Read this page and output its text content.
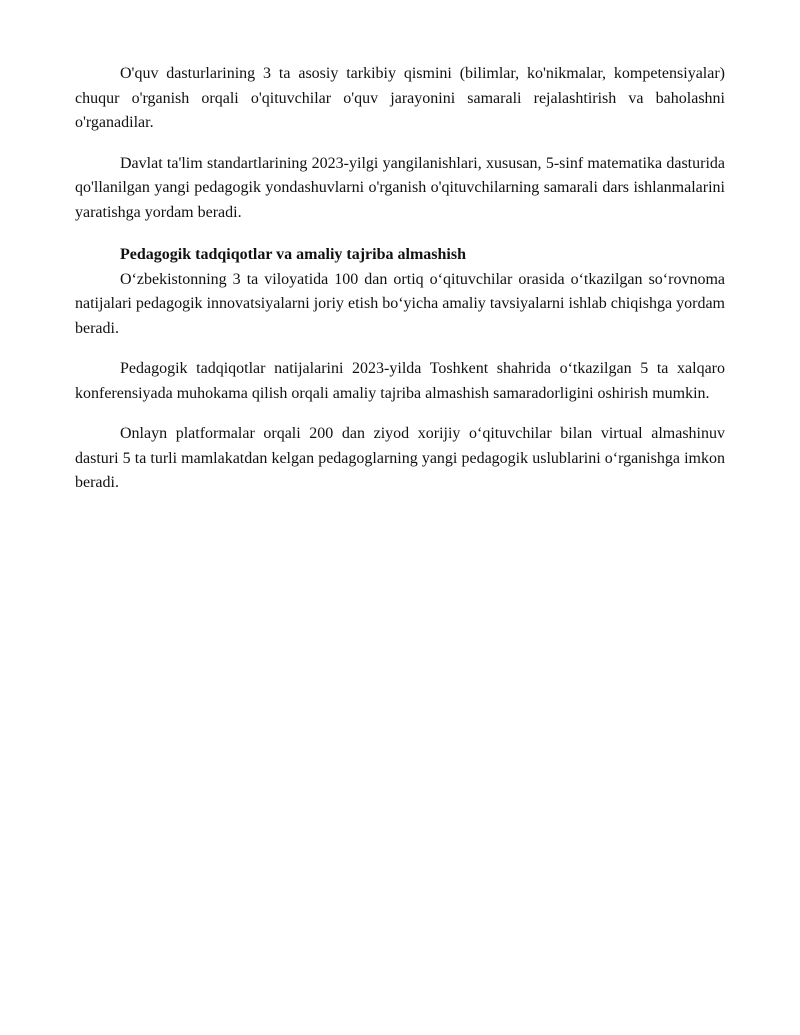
O'quv dasturlarining 3 ta asosiy tarkibiy qismini (bilimlar, ko'nikmalar, kompetensiyalar) chuqur o'rganish orqali o'qituvchilar o'quv jarayonini samarali rejalashtirish va baholashni o'rganadilar.

Davlat ta'lim standartlarining 2023-yilgi yangilanishlari, xususan, 5-sinf matematika dasturida qo'llanilgan yangi pedagogik yondashuvlarni o'rganish o'qituvchilarning samarali dars ishlanmalarini yaratishga yordam beradi.

Pedagogik tadqiqotlar va amaliy tajriba almashish

O‘zbekistonning 3 ta viloyatida 100 dan ortiq o‘qituvchilar orasida o‘tkazilgan so‘rovnoma natijalari pedagogik innovatsiyalarni joriy etish bo‘yicha amaliy tavsiyalarni ishlab chiqishga yordam beradi.

Pedagogik tadqiqotlar natijalarini 2023-yilda Toshkent shahrida o‘tkazilgan 5 ta xalqaro konferensiyada muhokama qilish orqali amaliy tajriba almashish samaradorligini oshirish mumkin.

Onlayn platformalar orqali 200 dan ziyod xorijiy o‘qituvchilar bilan virtual almashinuv dasturi 5 ta turli mamlakatdan kelgan pedagoglarning yangi pedagogik uslublarini o‘rganishga imkon beradi.
